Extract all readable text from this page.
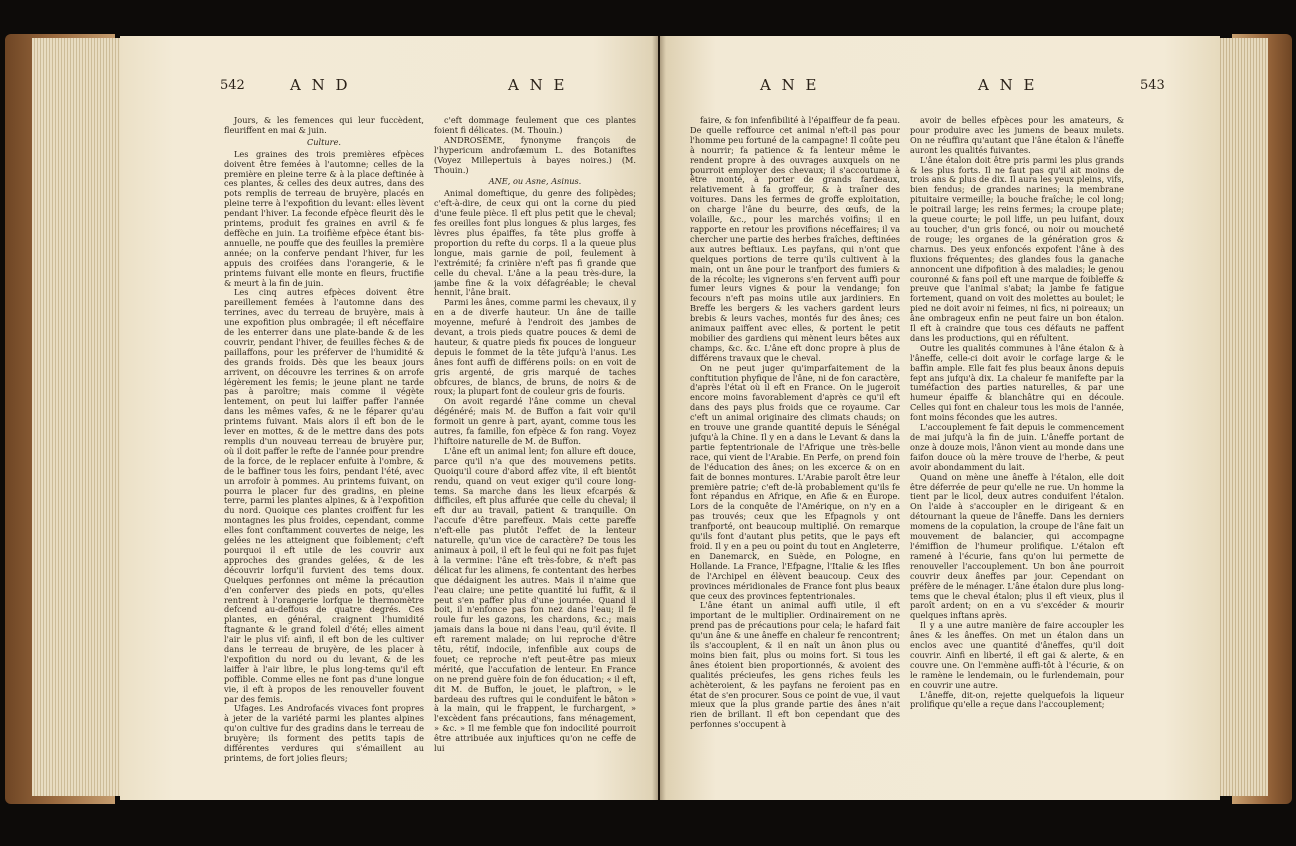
542	A N D	A N E

Jours, & les femences qui leur fuccèdent, fleuriffent en mai & juin.

Culture.

Les graines des trois premières efpèces doivent être femées à l'automne; celles de la première en pleine terre & à la place deftinée à ces plantes, & celles des deux autres, dans des pots remplis de terreau de bruyère, placés en pleine terre à l'expofition du levant: elles lèvent pendant l'hiver. La feconde efpèce fleurit dès le printems, produit fes graines en avril & fe deffèche en juin. La troifième efpèce étant bis-annuelle, ne pouffe que des feuilles la première année; on la conferve pendant l'hiver, fur les appuis des croifées dans l'orangerie, & le printems fuivant elle monte en fleurs, fructifie & meurt à la fin de juin.

Les cinq autres efpèces doivent être pareillement femées à l'automne dans des terrines, avec du terreau de bruyère, mais à une expofition plus ombragée; il eft néceffaire de les enterrer dans une plate-bande & de les couvrir, pendant l'hiver, de feuilles fèches & de paillaffons, pour les préferver de l'humidité & des grands froids. Dès que les beaux jours arrivent, on découvre les terrines & on arrofe légèrement les femis; le jeune plant ne tarde pas à paroître; mais comme il végète lentement, on peut lui laiffer paffer l'année dans les mêmes vafes, & ne le féparer qu'au printems fuivant. Mais alors il eft bon de le lever en mottes, & de le mettre dans des pots remplis d'un nouveau terreau de bruyère pur, où il doit paffer le refte de l'année pour prendre de la force, de le replacer enfuite à l'ombre, & de le baffiner tous les foirs, pendant l'été, avec un arrofoir à pommes. Au printems fuivant, on pourra le placer fur des gradins, en pleine terre, parmi les plantes alpines, & à l'expofition du nord. Quoique ces plantes croiffent fur les montagnes les plus froides, cependant, comme elles font conftamment couvertes de neige, les gelées ne les atteignent que foiblement; c'eft pourquoi il eft utile de les couvrir aux approches des grandes gelées, & de les découvrir lorfqu'il furvient des tems doux. Quelques perfonnes ont même la précaution d'en conferver des pieds en pots, qu'elles rentrent à l'orangerie lorfque le thermomètre defcend au-deffous de quatre degrés. Ces plantes, en général, craignent l'humidité ftagnante & le grand foleil d'été; elles aiment l'air le plus vif: ainfi, il eft bon de les cultiver dans le terreau de bruyère, de les placer à l'expofition du nord ou du levant, & de les laiffer à l'air libre, le plus long-tems qu'il eft poffible. Comme elles ne font pas d'une longue vie, il eft à propos de les renouveller fouvent par des femis.

Ufages. Les Androfacés vivaces font propres à jeter de la variété parmi les plantes alpines qu'on cultive fur des gradins dans le terreau de bruyère; ils forment des petits tapis de différentes verdures qui s'émaillent au printems, de fort jolies fleurs;

c'eft dommage feulement que ces plantes foient fi délicates. (M. Thouin.)

ANDROSÈME, fynonyme françois de l'hypericum androfæmum L. des Botaniftes (Voyez Millepertuis à bayes noires.) (M. Thouin.)

ANE, ou Asne, Asinus.

Animal domeftique, du genre des folipèdes; c'eft-à-dire, de ceux qui ont la corne du pied d'une feule pièce. Il eft plus petit que le cheval; fes oreilles font plus longues & plus larges, fes lèvres plus épaiffes, fa tête plus groffe à proportion du refte du corps. Il a la queue plus longue, mais garnie de poil, feulement à l'extrémité; fa crinière n'eft pas fi grande que celle du cheval. L'âne a la peau très-dure, la jambe fine & la voix défagréable; le cheval hennit, l'âne brait.

Parmi les ânes, comme parmi les chevaux, il y en a de diverfe hauteur. Un âne de taille moyenne, mefuré à l'endroit des jambes de devant, a trois pieds quatre pouces & demi de hauteur, & quatre pieds fix pouces de longueur depuis le fommet de la tête jufqu'à l'anus. Les ânes font auffi de différens poils: on en voit de gris argenté, de gris marqué de taches obfcures, de blancs, de bruns, de noirs & de roux; la plupart font de couleur gris de fouris.

On avoit regardé l'âne comme un cheval dégénéré; mais M. de Buffon a fait voir qu'il formoit un genre à part, ayant, comme tous les autres, fa famille, fon efpèce & fon rang. Voyez l'hiftoire naturelle de M. de Buffon.

L'âne eft un animal lent; fon allure eft douce, parce qu'il n'a que des mouvemens petits. Quoiqu'il coure d'abord affez vîte, il eft bientôt rendu, quand on veut exiger qu'il coure long-tems. Sa marche dans les lieux efcarpés & difficiles, eft plus affurée que celle du cheval; il eft dur au travail, patient & tranquille. On l'accufe d'être pareffeux. Mais cette pareffe n'eft-elle pas plutôt l'effet de la lenteur naturelle, qu'un vice de caractère? De tous les animaux à poil, il eft le feul qui ne foit pas fujet à la vermine: l'âne eft très-fobre, & n'eft pas délicat fur les alimens, fe contentant des herbes que dédaignent les autres. Mais il n'aime que l'eau claire; une petite quantité lui fuffit, & il peut s'en paffer plus d'une journée. Quand il boit, il n'enfonce pas fon nez dans l'eau; il fe roule fur les gazons, les chardons, &c.; mais jamais dans la boue ni dans l'eau, qu'il évite. Il eft rarement malade; on lui reproche d'être têtu, rétif, indocile, infenfible aux coups de fouet; ce reproche n'eft peut-être pas mieux mérité, que l'accufation de lenteur. En France on ne prend guère foin de fon éducation; « il eft, dit M. de Buffon, le jouet, le plaftron, » le bardeau des ruftres qui le conduifent le bâton » à la main, qui le frappent, le furchargent, » l'excèdent fans précautions, fans ménagement, » &c. » Il me femble que fon indocilité pourroit être attribuée aux injuftices qu'on ne ceffe de lui

A N E	A N E	543

faire, & fon infenfibilité à l'épaiffeur de fa peau. De quelle reffource cet animal n'eft-il pas pour l'homme peu fortuné de la campagne! Il coûte peu à nourrir; fa patience & fa lenteur même le rendent propre à des ouvrages auxquels on ne pourroit employer des chevaux; il s'accoutume à être monté, à porter de grands fardeaux, relativement à fa groffeur, & à traîner des voitures. Dans les fermes de groffe exploitation, on charge l'âne du beurre, des œufs, de la volaille, &c., pour les marchés voifins; il en rapporte en retour les provifions néceffaires; il va chercher une partie des herbes fraîches, deftinées aux autres beftiaux. Les payfans, qui n'ont que quelques portions de terre qu'ils cultivent à la main, ont un âne pour le tranfport des fumiers & de la récolte; les vignerons s'en fervent auffi pour fumer leurs vignes & pour la vendange; fon fecours n'eft pas moins utile aux jardiniers. En Breffe les bergers & les vachers gardent leurs brebis & leurs vaches, montés fur des ânes; ces animaux paiffent avec elles, & portent le petit mobilier des gardiens qui mènent leurs bêtes aux champs, &c. &c. L'âne eft donc propre à plus de différens travaux que le cheval.

On ne peut juger qu'imparfaitement de la conftitution phyfique de l'âne, ni de fon caractère, d'après l'état où il eft en France. On le jugeroit encore moins favorablement d'après ce qu'il eft dans des pays plus froids que ce royaume. Car c'eft un animal originaire des climats chauds; on en trouve une grande quantité depuis le Sénégal jufqu'à la Chine. Il y en a dans le Levant & dans la partie feptentrionale de l'Afrique une très-belle race, qui vient de l'Arabie. En Perfe, on prend foin de l'éducation des ânes; on les excerce & on en fait de bonnes montures. L'Arabie paroît être leur première patrie; c'eft de-là probablement qu'ils fe font répandus en Afrique, en Afie & en Europe. Lors de la conquête de l'Amérique, on n'y en a pas trouvés; ceux que les Efpagnols y ont tranfporté, ont beaucoup multiplié. On remarque qu'ils font d'autant plus petits, que le pays eft froid. Il y en a peu ou point du tout en Angleterre, en Danemarck, en Suède, en Pologne, en Hollande. La France, l'Efpagne, l'Italie & les Ifles de l'Archipel en élèvent beaucoup. Ceux des provinces méridionales de France font plus beaux que ceux des provinces feptentrionales.

L'âne étant un animal auffi utile, il eft important de le multiplier. Ordinairement on ne prend pas de précautions pour cela; le hafard fait qu'un âne & une âneffe en chaleur fe rencontrent; ils s'accouplent, & il en naît un ânon plus ou moins bien fait, plus ou moins fort. Si tous les ânes étoient bien proportionnés, & avoient des qualités précieufes, les gens riches feuls les achèteroient, & les payfans ne feroient pas en état de s'en procurer. Sous ce point de vue, il vaut mieux que la plus grande partie des ânes n'ait rien de brillant. Il eft bon cependant que des perfonnes s'occupent à

avoir de belles efpèces pour les amateurs, & pour produire avec les jumens de beaux mulets. On ne réuffira qu'autant que l'âne étalon & l'âneffe auront les qualités fuivantes.

L'âne étalon doit être pris parmi les plus grands & les plus forts. Il ne faut pas qu'il ait moins de trois ans & plus de dix. Il aura les yeux pleins, vifs, bien fendus; de grandes narines; la membrane pituitaire vermeille; la bouche fraîche; le col long; le poitrail large; les reins fermes; la croupe plate; la queue courte; le poil liffe, un peu luifant, doux au toucher, d'un gris foncé, ou noir ou moucheté de rouge; les organes de la génération gros & charnus. Des yeux enfoncés expofent l'âne à des fluxions fréquentes; des glandes fous la ganache annoncent une difpofition à des maladies; le genou couronné & fans poil eft une marque de foibleffe & preuve que l'animal s'abat; la jambe fe fatigue fortement, quand on voit des molettes au boulet; le pied ne doit avoir ni feimes, ni fics, ni poireaux; un âne ombrageux enfin ne peut faire un bon étalon. Il eft à craindre que tous ces défauts ne paffent dans les productions, qui en réfultent.

Outre les qualités communes à l'âne étalon & à l'âneffe, celle-ci doit avoir le corfage large & le baffin ample. Elle fait fes plus beaux ânons depuis fept ans jufqu'à dix. La chaleur fe manifefte par la tuméfaction des parties naturelles, & par une humeur épaiffe & blanchâtre qui en découle. Celles qui font en chaleur tous les mois de l'année, font moins fécondes que les autres.

L'accouplement fe fait depuis le commencement de mai jufqu'à la fin de juin. L'âneffe portant de onze à douze mois, l'ânon vient au monde dans une faifon douce où la mère trouve de l'herbe, & peut avoir abondamment du lait.

Quand on mène une âneffe à l'étalon, elle doit être déferrée de peur qu'elle ne rue. Un homme la tient par le licol, deux autres conduifent l'étalon. On l'aide à s'accoupler en le dirigeant & en détournant la queue de l'âneffe. Dans les derniers momens de la copulation, la croupe de l'âne fait un mouvement de balancier, qui accompagne l'émiffion de l'humeur prolifique. L'étalon eft ramené à l'écurie, fans qu'on lui permette de renouveller l'accouplement. Un bon âne pourroit couvrir deux âneffes par jour. Cependant on préfère de le ménager. L'âne étalon dure plus long-tems que le cheval étalon; plus il eft vieux, plus il paroît ardent; on en a vu s'excéder & mourir quelques inftans après.

Il y a une autre manière de faire accoupler les ânes & les âneffes. On met un étalon dans un enclos avec une quantité d'âneffes, qu'il doit couvrir. Ainfi en liberté, il eft gai & alerte, & en couvre une. On l'emmène auffi-tôt à l'écurie, & on le ramène le lendemain, ou le furlendemain, pour en couvrir une autre.

L'âneffe, dit-on, rejette quelquefois la liqueur prolifique qu'elle a reçue dans l'accouplement;
